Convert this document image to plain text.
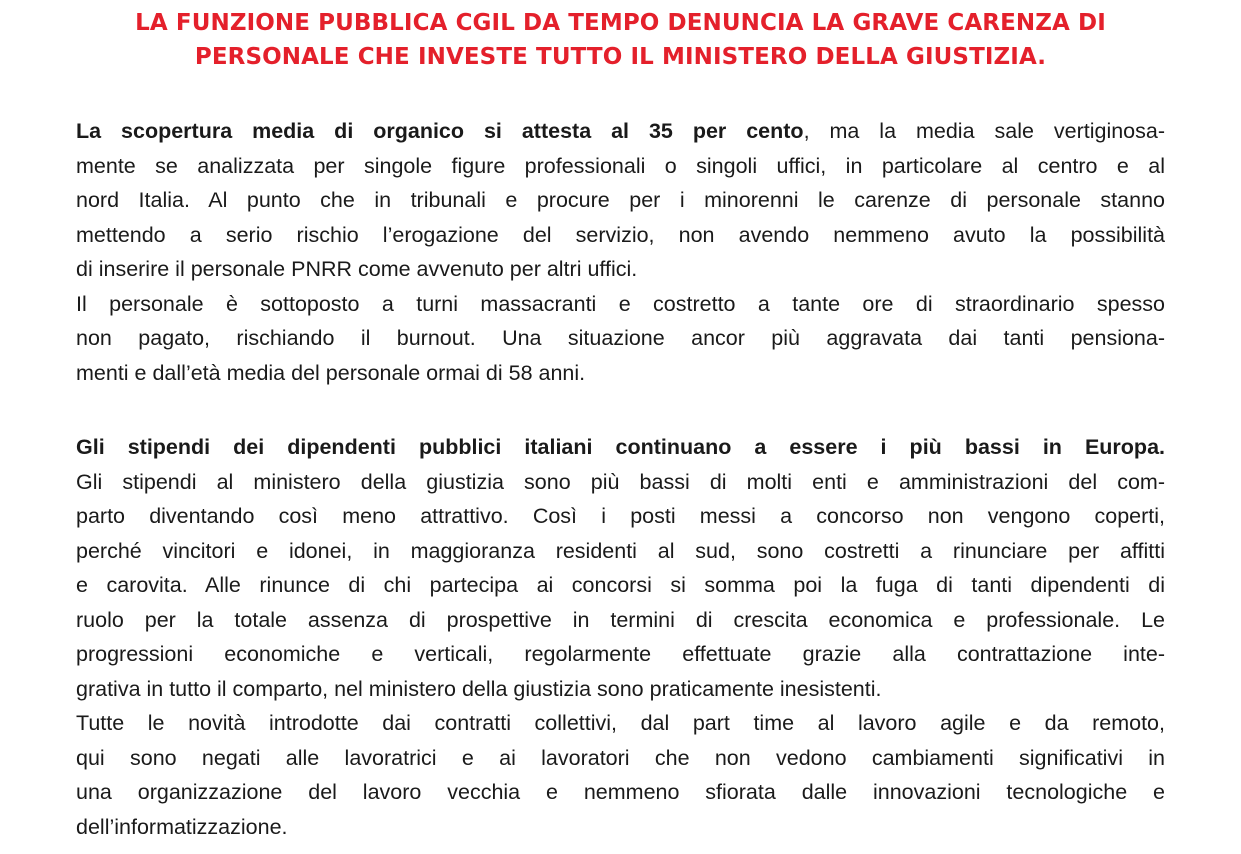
LA FUNZIONE PUBBLICA CGIL DA TEMPO DENUNCIA LA GRAVE CARENZA DI
PERSONALE CHE INVESTE TUTTO IL MINISTERO DELLA GIUSTIZIA.
La scopertura media di organico si attesta al 35 per cento, ma la media sale vertiginosa-
mente se analizzata per singole figure professionali o singoli uffici, in particolare al centro e al
nord Italia. Al punto che in tribunali e procure per i minorenni le carenze di personale stanno
mettendo a serio rischio l’erogazione del servizio, non avendo nemmeno avuto la possibilità
di inserire il personale PNRR come avvenuto per altri uffici.
Il personale è sottoposto a turni massacranti e costretto a tante ore di straordinario spesso
non pagato, rischiando il burnout. Una situazione ancor più aggravata dai tanti pensiona-
menti e dall’età media del personale ormai di 58 anni.
Gli stipendi dei dipendenti pubblici italiani continuano a essere i più bassi in Europa.
Gli stipendi al ministero della giustizia sono più bassi di molti enti e amministrazioni del com-
parto diventando così meno attrattivo. Così i posti messi a concorso non vengono coperti,
perché vincitori e idonei, in maggioranza residenti al sud, sono costretti a rinunciare per affitti
e carovita. Alle rinunce di chi partecipa ai concorsi si somma poi la fuga di tanti dipendenti di
ruolo per la totale assenza di prospettive in termini di crescita economica e professionale. Le
progressioni economiche e verticali, regolarmente effettuate grazie alla contrattazione inte-
grativa in tutto il comparto, nel ministero della giustizia sono praticamente inesistenti.
Tutte le novità introdotte dai contratti collettivi, dal part time al lavoro agile e da remoto,
qui sono negati alle lavoratrici e ai lavoratori che non vedono cambiamenti significativi in
una organizzazione del lavoro vecchia e nemmeno sfiorata dalle innovazioni tecnologiche e
dell’informatizzazione.
